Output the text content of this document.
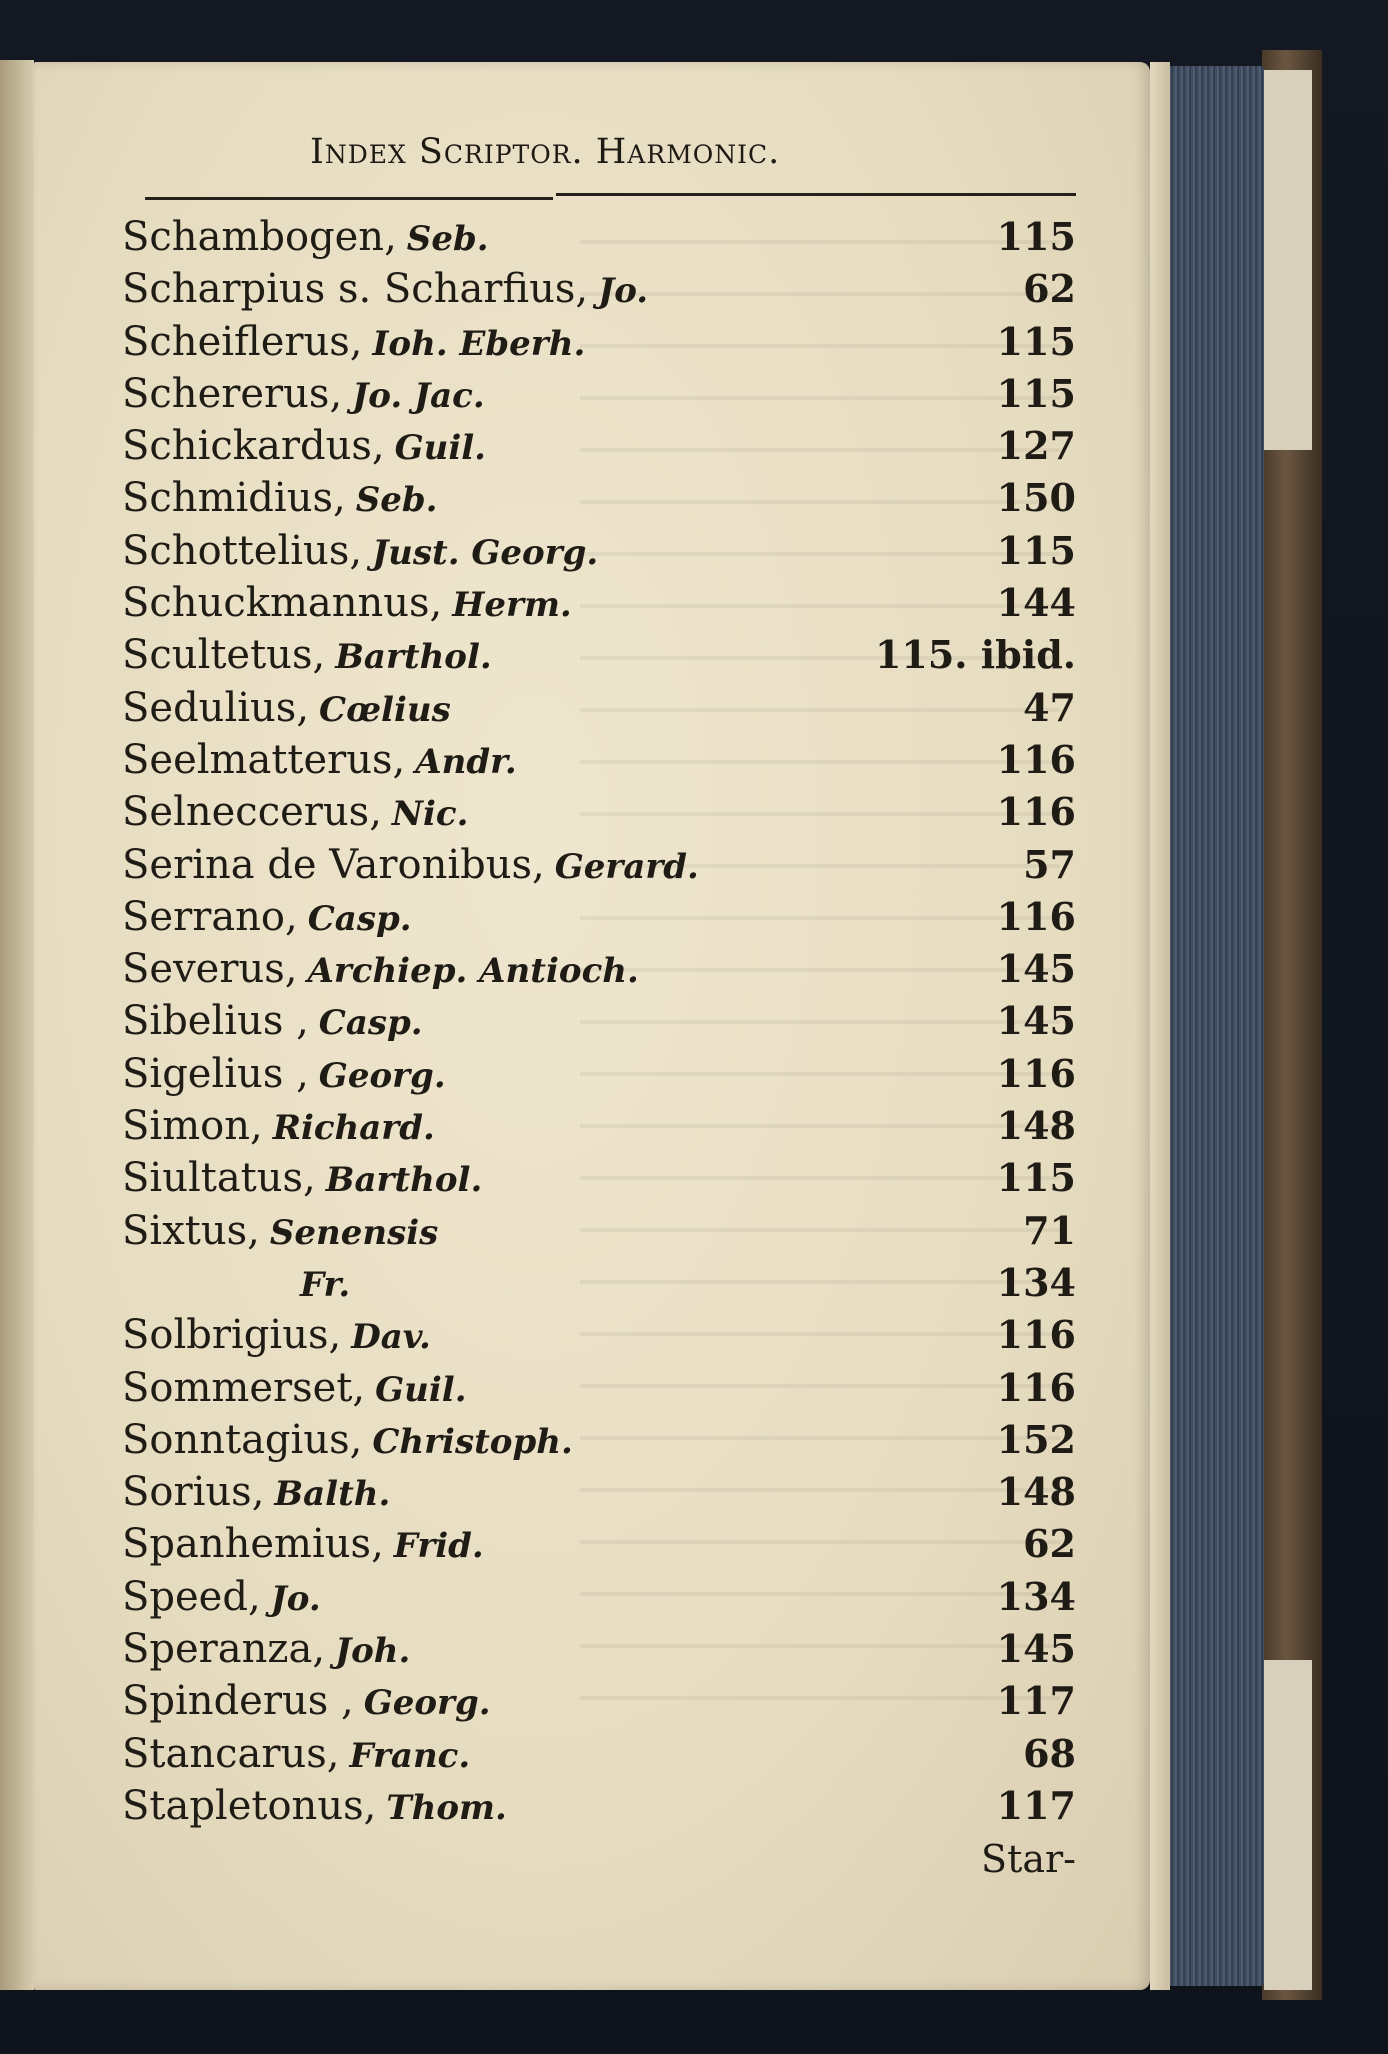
Index Scriptor. Harmonic.
Schambogen, Seb.	115
Scharpius s. Scharfius, Jo.	62
Scheiflerus, Ioh. Eberh.	115
Schererus, Jo. Jac.	115
Schickardus, Guil.	127
Schmidius, Seb.	150
Schottelius, Just. Georg.	115
Schuckmannus, Herm.	144
Scultetus, Barthol.	115. ibid.
Sedulius, Cœlius	47
Seelmatterus, Andr.	116
Selneccerus, Nic.	116
Serina de Varonibus, Gerard.	57
Serrano, Casp.	116
Severus, Archiep. Antioch.	145
Sibelius , Casp.	145
Sigelius , Georg.	116
Simon, Richard.	148
Siultatus, Barthol.	115
Sixtus, Senensis	71
Fr.	134
Solbrigius, Dav.	116
Sommerset, Guil.	116
Sonntagius, Christoph.	152
Sorius, Balth.	148
Spanhemius, Frid.	62
Speed, Jo.	134
Speranza, Joh.	145
Spinderus , Georg.	117
Stancarus, Franc.	68
Stapletonus, Thom.	117
Star-
